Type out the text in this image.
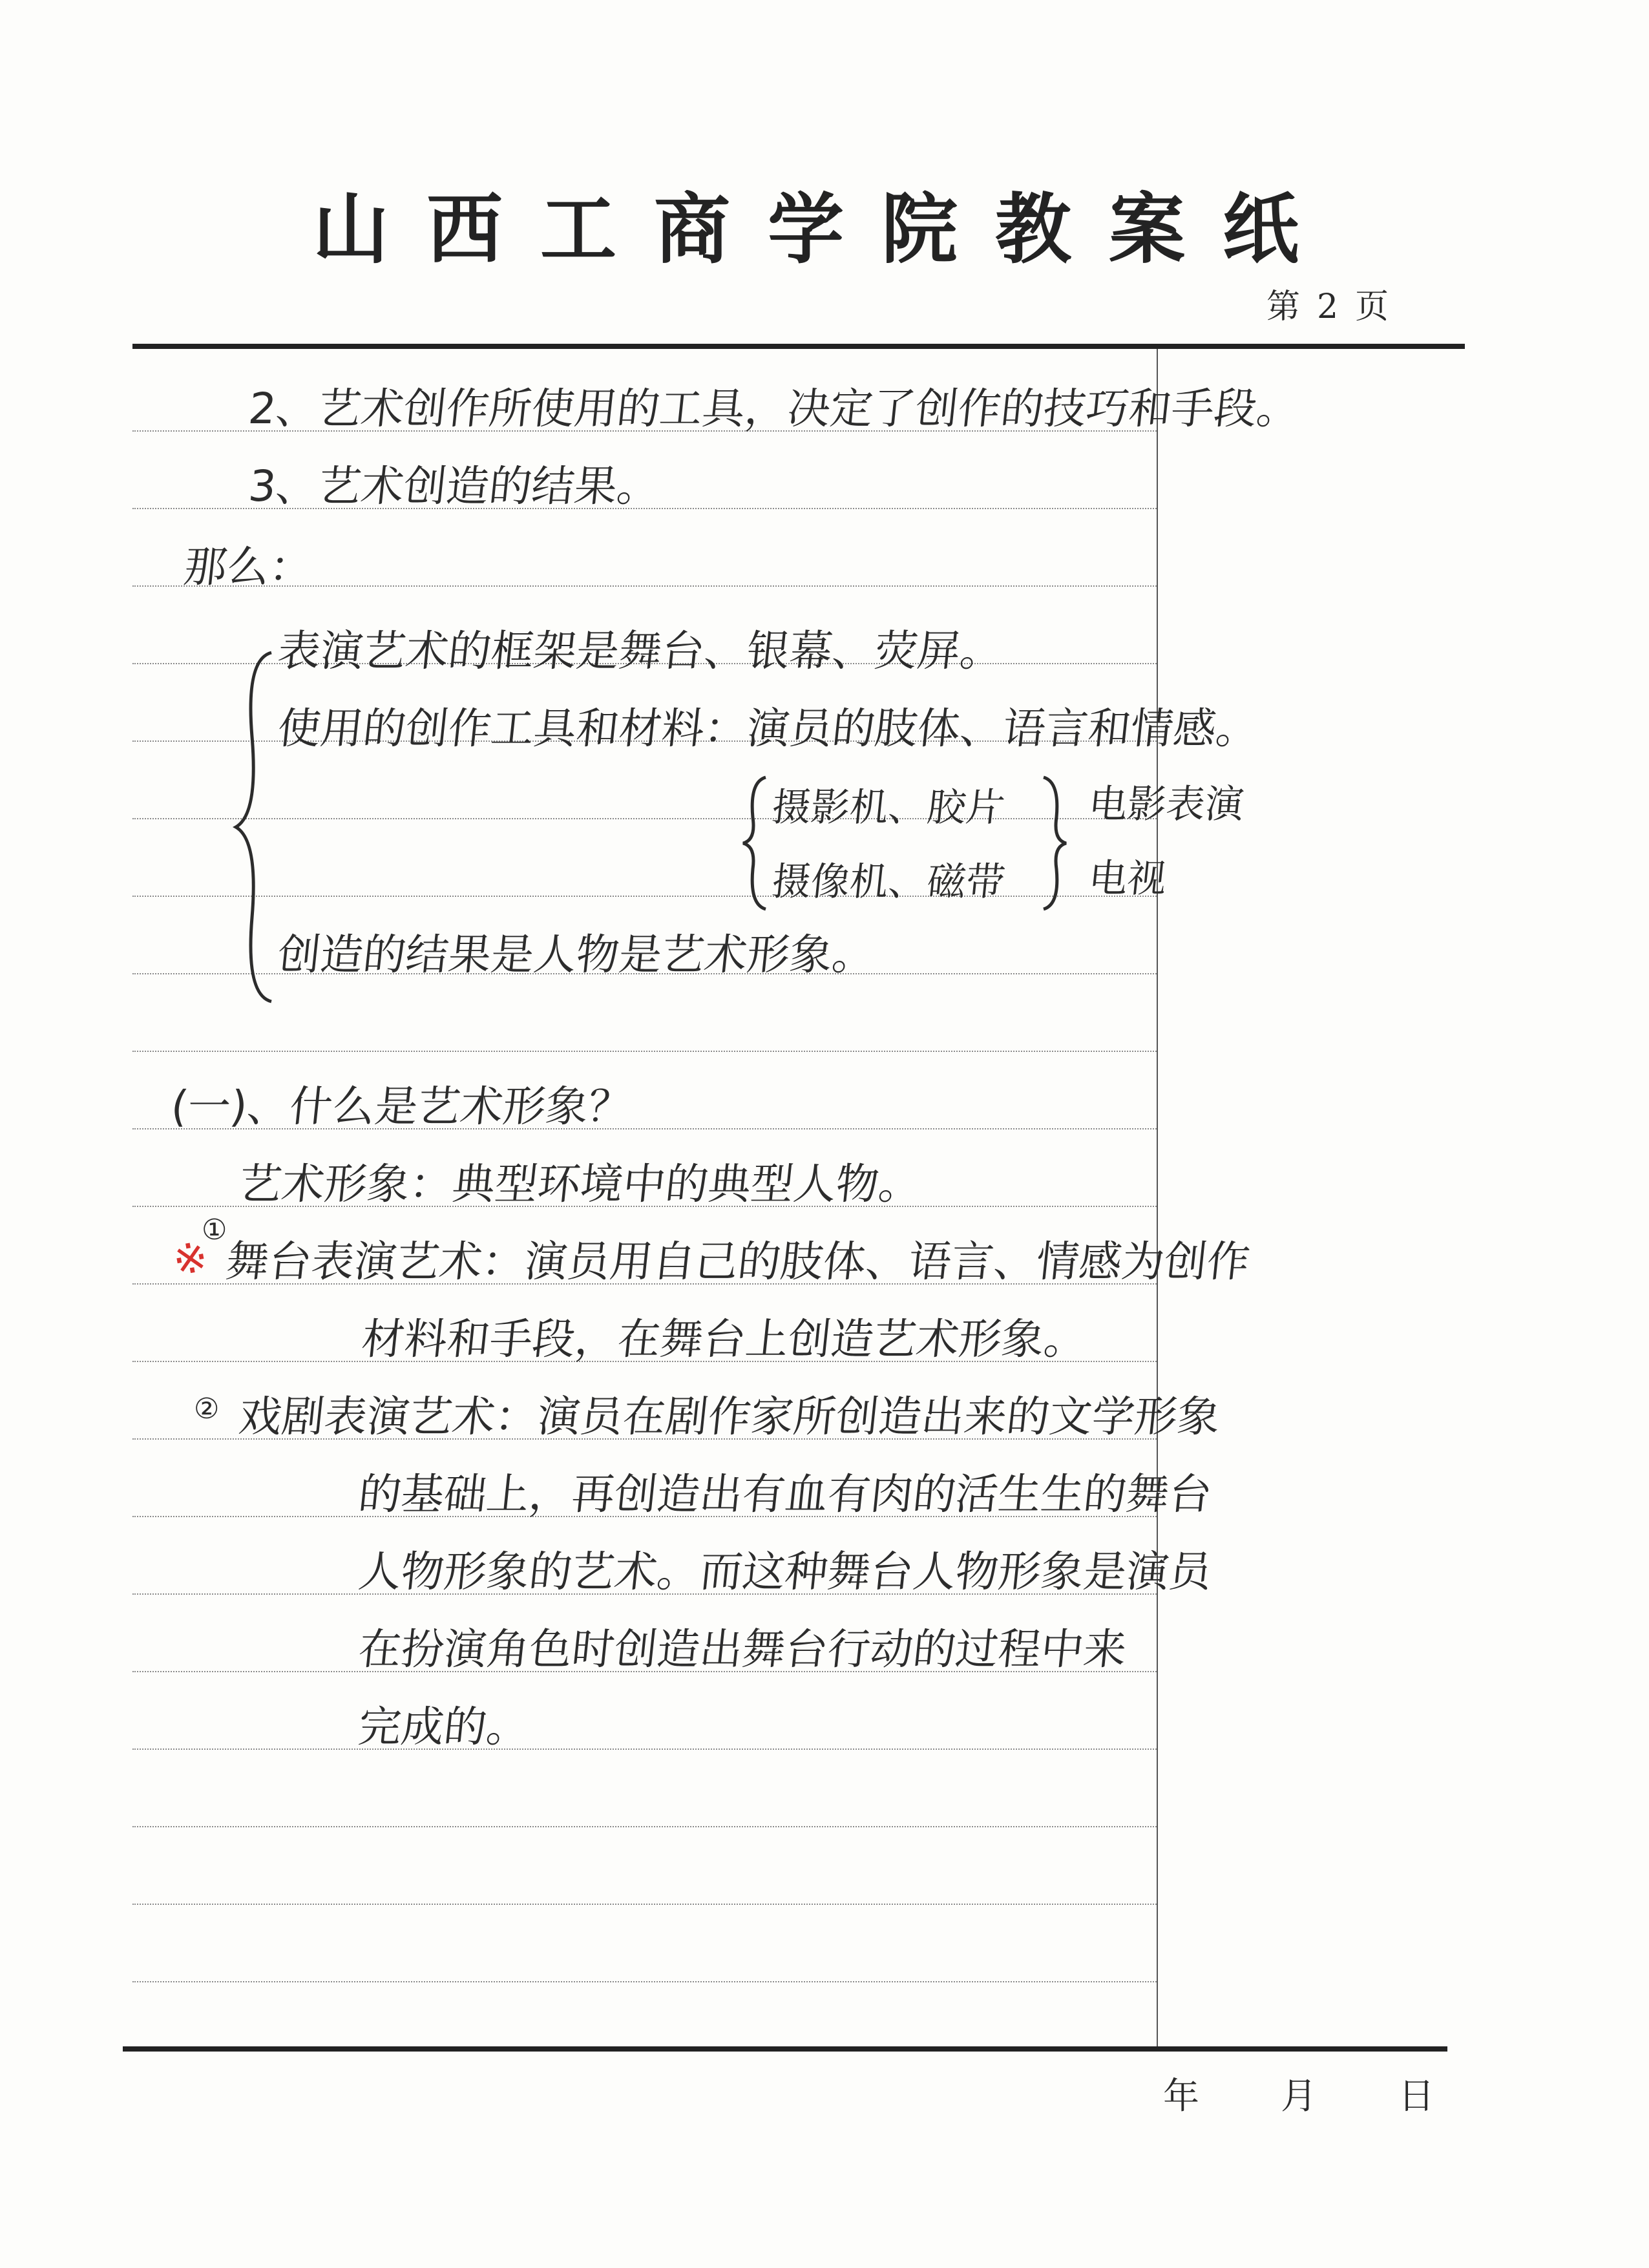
山西工商学院教案纸
第 2 页
年 月 日
2、艺术创作所使用的工具，决定了创作的技巧和手段。
3、艺术创造的结果。
那么：
表演艺术的框架是舞台、银幕、荧屏。
使用的创作工具和材料：演员的肢体、语言和情感。
摄影机、胶片
摄像机、磁带
电影表演
电视
创造的结果是人物是艺术形象。
(一)、什么是艺术形象？
艺术形象：典型环境中的典型人物。
※
①
舞台表演艺术：演员用自己的肢体、语言、情感为创作
材料和手段，在舞台上创造艺术形象。
② 戏剧表演艺术：演员在剧作家所创造出来的文学形象
的基础上，再创造出有血有肉的活生生的舞台
人物形象的艺术。而这种舞台人物形象是演员
在扮演角色时创造出舞台行动的过程中来
完成的。
